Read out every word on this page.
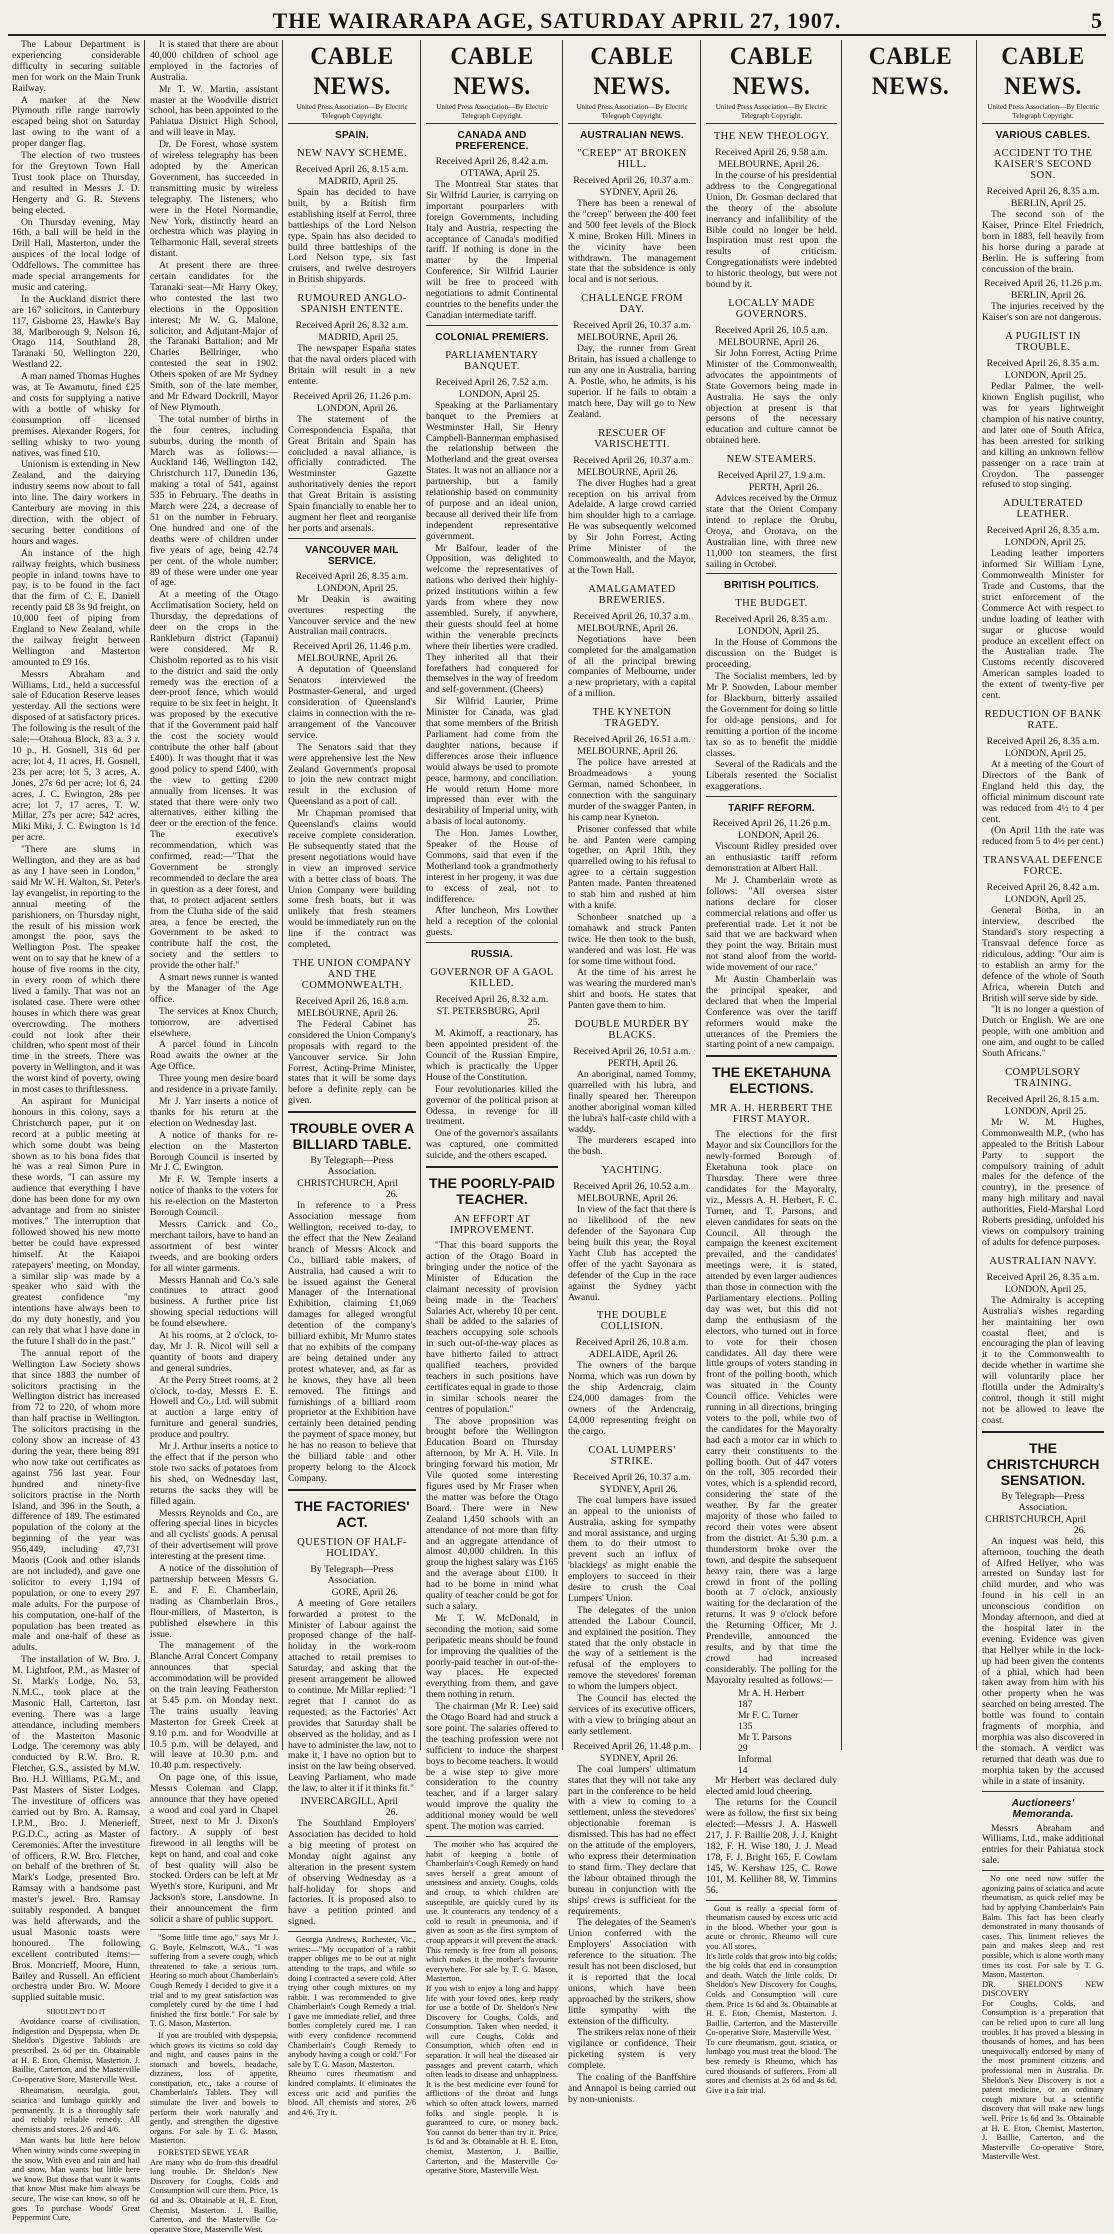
THE WAIRARAPA AGE, SATURDAY APRIL 27, 1907.	5

The Labour Department is experiencing considerable difficulty in securing suitable men for work on the Main Trunk Railway.

A marker at the New Plymouth rifle range narrowly escaped being shot on Saturday last owing to the want of a proper danger flag.

The election of two trustees for the Greytown Town Hall Trust took place on Thursday, and resulted in Messrs J. D. Hengerty and G. R. Stevens being elected.

On Thursday evening, May 16th, a ball will be held in the Drill Hall, Masterton, under the auspices of the local lodge of Oddfellows. The committee has made special arrangements for music and catering.

In the Auckland district there are 167 solicitors, in Canterbury 117, Gisborne 23, Hawke's Bay 38, Marlborough 9, Nelson 16, Otago 114, Southland 28, Taranaki 50, Wellington 220, Westland 22.

A man named Thomas Hughes was, at Te Awamutu, fined £25 and costs for supplying a native with a bottle of whisky for consumption off licensed premises. Alexander Rogers, for selling whisky to two young natives, was fined £10.

Unionism is extending in New Zealand, and the dairying industry seems now about to fall into line. The dairy workers in Canterbury are moving in this direction, with the object of securing better conditions of hours and wages.

An instance of the high railway freights, which business people in inland towns have to pay, is to be found in the fact that the firm of C. E. Daniell recently paid £8 3s 9d freight, on 10,000 feet of piping from England to New Zealand, while the railway freight between Wellington and Masterton amounted to £9 16s.

Messrs Abraham and Williams, Ltd., held a successful sale of Education Reserve leases yesterday. All the sections were disposed of at satisfactory prices. The following is the result of the sale:—Otahoua Block, 83 a. 3 r. 10 p., H. Gosnell, 31s 6d per acre; lot 4, 11 acres, H. Gosnell, 23s per acre; lot 5, 3 acres, A. Jones, 27s 6d per acre; lot 6, 24 acres, J. C. Ewington, 28s per acre; lot 7, 17 acres, T. W. Millar, 27s per acre; 542 acres, Miki Miki, J. C. Ewington 1s 1d per acre.

"There are slums in Wellington, and they are as bad as any I have seen in London," said Mr W. H. Walton, St. Peter's lay evangelist, in reporting to the annual meeting of the parishioners, on Thursday night, the result of his mission work amongst the poor, says the Wellington Post. The speaker went on to say that he knew of a house of five rooms in the city, in every room of which there lived a family. That was not an isolated case. There were other houses in which there was great overcrowding. The mothers could not look after their children, who spent most of their time in the streets. There was poverty in Wellington, and it was the worst kind of poverty, owing in most cases to thriftlessness.

An aspirant for Municipal honours in this colony, says a Christchurch paper, put it on record at a public meeting at which some doubt was being shown as to his bona fides that he was a real Simon Pure in these words, "I can assure my audience that everything I have done has been done for my own advantage and from no sinister motives." The interruption that followed showed his new motto better be could have expressed himself. At the Kaiapoi ratepayers' meeting, on Monday, a similar slip was made by a speaker who said with the greatest confidence "my intentions have always been to do my duty honestly, and you can rely that what I have done in the future I shall do in the past."

The annual report of the Wellington Law Society shows that since 1883 the number of solicitors practising in the Wellington district has increased from 72 to 220, of whom more than half practise in Wellington. The solicitors practising in the colony show an increase of 43 during the year, there being 891 who now take out certificates as against 756 last year. Four hundred and ninety-five solicitors practise in the North Island, and 396 in the South, a difference of 189. The estimated population of the colony at the beginning of the year was 956,449, including 47,731 Maoris (Cook and other islands are not included), and gave one solicitor to every 1,194 of population, or one to every 297 male adults. For the purpose of his computation, one-half of the population has been treated as male and one-half of these as adults.

The installation of W. Bro. J. M. Lightfoot, P.M., as Master of St. Mark's Lodge, No. 53, N.M.C., took place at the Masonic Hall, Carterton, last evening. There was a large attendance, including members of the Masterton Masonic Lodge. The ceremony was ably conducted by R.W. Bro. R. Fletcher, G.S., assisted by M.W. Bro. H.J. Williams, P.G.M., and Past Masters of Sister Lodges. The investiture of officers was carried out by Bro. A. Ramsay, I.P.M., Bro. J. Menerieff, P.G.D.C., acting as Master of Ceremonies. After the investiture of officers, R.W. Bro. Fletcher, on behalf of the brethren of St. Mark's Lodge, presented Bro. Ramsay with a handsome past master's jewel. Bro. Ramsay suitably responded. A banquet was held afterwards, and the usual Masonic toasts were honoured. The following excellent contributed items:—Bros. Moncrieff, Moore, Hunn, Bailey and Russell. An efficient orchestra under Bro. W. Moore supplied suitable music.

SHOULDN'T DO IT

Avoidance coarse of civilisation, Indigestion and Dyspepsia, when Dr. Sheldon's Digestive Tabloids are prescribed. 2s 6d per tin. Obtainable at H. E. Eton, Chemist, Masterton. J. Baillie, Carterton, and the Masterville Co-operative Store, Masterville West.

Rheumatism, neuralgia, gout, sciatica and lumbago quickly and permanently. It is a thoroughly safe and reliably reliable remedy. All chemists and stores. 2/6 and 4/6.

Man wants but little here below When wintry winds come sweeping in the snow, With even and rain and hail and snow, Man wants but little here we know. But those that want it wants that know Must make him always be secure, The wise can know, so off he goes To purchase Woods' Great Peppermint Cure.

It is stated that there are about 40,000 children of school age employed in the factories of Australia.

Mr T. W. Martin, assistant master at the Woodville district school, has been appointed to the Pahiatua District High School, and will leave in May.

Dr. De Forest, whose system of wireless telegraphy has been adopted by the American Government, has succeeded in transmitting music by wireless telegraphy. The listeners, who were in the Hotel Normandie, New York, distinctly heard an orchestra which was playing in Telharmonic Hall, several streets distant.

At present there are three certain candidates for the Taranaki seat—Mr Harry Okey, who contested the last two elections in the Opposition interest; Mr W. G. Malone, solicitor, and Adjutant-Major of the Taranaki Battalion; and Mr Charles Bellringer, who contested the seat in 1902. Others spoken of are Mr Sydney Smith, son of the late member, and Mr Edward Dockrill, Mayor of New Plymouth.

The total number of births in the four centres, including suburbs, during the month of March was as follows:—Auckland 146, Wellington 142, Christchurch 117, Dunedin 136, making a total of 541, against 535 in February. The deaths in March were 224, a decrease of 51 on the number in February. One hundred and one of the deaths were of children under five years of age, being 42.74 per cent. of the whole number; 89 of these were under one year of age.

At a meeting of the Otago Acclimatisation Society, held on Thursday, the depredations of deer on the crops in the Rankleburn district (Tapanui) were considered. Mr R. Chisholm reported as to his visit to the district and said the only remedy was the erection of a deer-proof fence, which would require to be six feet in height. It was proposed by the executive that if the Government paid half the cost the society would contribute the other half (about £400). It was thought that it was good policy to spend £400, with the view to getting £200 annually from licenses. It was stated that there were only two alternatives, either killing the deer or the erection of the fence. The executive's recommendation, which was confirmed, read:—"That the Government be strongly recommended to declare the area in question as a deer forest, and that, to protect adjacent settlers from the Clutha side of the said area, a fence be erected, the Government to be asked to contribute half the cost, the society and the settlers to provide the other half."

A smart news runner is wanted by the Manager of the Age office.

The services at Knox Church, tomorrow, are advertised elsewhere.

A parcel found in Lincoln Road awaits the owner at the Age Office.

Three young men desire board and residence in a private family.

Mr J. Yarr inserts a notice of thanks for his return at the election on Wednesday last.

A notice of thanks for re-election on the Masterton Borough Council is inserted by Mr J. C. Ewington.

Mr F. W. Temple inserts a notice of thanks to the voters for his re-election on the Masterton Borough Council.

Messrs Carrick and Co., merchant tailors, have to hand an assortment of best winter tweeds, and are booking orders for all winter garments.

Messrs Hannah and Co.'s sale continues to attract good business. A further price list showing special reductions will be found elsewhere.

At his rooms, at 2 o'clock, to-day, Mr J. R. Nicol will sell a quantity of boots and drapery and general sundries.

At the Perry Street rooms, at 2 o'clock, to-day, Messrs E. E. Howell and Co., Ltd. will submit at auction a large entry of furniture and general sundries, produce and poultry.

Mr J. Arthur inserts a notice to the effect that if the person who stole two sacks of potatoes from his shed, on Wednesday last, returns the sacks they will be filled again.

Messrs Reynolds and Co., are offering special lines in bicycles and all cyclists' goods. A perusal of their advertisement will prove interesting at the present time.

A notice of the dissolution of partnership between Messrs G. E. and F. E. Chamberlain, trading as Chamberlain Bros., flour-millers, of Masterton, is published elsewhere in this issue.

The management of the Blanche Arral Concert Company announces that special accommodation will be provided on the train leaving Featherston at 5.45 p.m. on Monday next. The trains usually leaving Masterton for Greek Creek at 9.10 p.m. and for Woodville at 10.5 p.m. will be delayed, and will leave at 10.30 p.m. and 10.40 p.m. respectively.

On page one, of this issue, Messrs Coleman and Clapp, announce that they have opened a wood and coal yard in Chapel Street, next to Mr J. Dixon's factory. A supply of best firewood in all lengths will be kept on hand, and coal and coke of best quality will also be stocked. Orders can be left at Mr Wyeth's store, Kuripuni, and Mr Jackson's store, Lansdowne. In their announcement the firm solicit a share of public support.

"Some little time ago," says Mr J. G. Boyle, Kelmscott, W.A., "I was suffering from a severe cough, which threatened to take a serious turn. Hearing so much about Chamberlain's Cough Remedy I decided to give it a trial and to my great satisfaction was completely cured by the time I had finished the first bottle." For sale by T. G. Mason, Masterton.

If you are troubled with dyspepsia, which grows its victims so cold day and night, and causes pains in the stomach and bowels, headache, dizziness, loss of appetite, constipation, etc., take a course of Chamberlain's Tablets. They will stimulate the liver and bowels to perform their work naturally and gently, and strengthen the digestive organs. For sale by T. G. Mason, Masterton.

FORESTED SEWE YEAR
Are many who do from this dreadful lung trouble. Dr. Sheldon's New Discovery for Coughs, Colds and Consumption will cure them. Price, 1s 6d and 3s. Obtainable at H. E. Eton, Chemist, Masterton. J. Baillie, Carterton, and the Masterville Co-operative Store, Masterville West.

CABLE NEWS.
United Press Association—By Electric Telegraph Copyright.
SPAIN.
NEW NAVY SCHEME.
Received April 26, 8.15 a.m.
MADRID, April 25.

Spain has decided to have built, by a British firm establishing itself at Ferrol, three battleships of the Lord Nelson type. Spain has also decided to build three battleships of the Lord Nelson type, six fast cruisers, and twelve destroyers in British shipyards.

RUMOURED ANGLO-SPANISH ENTENTE.
Received April 26, 8.32 a.m.
MADRID, April 25.

The newspaper España states that the naval orders placed with Britain will result in a new entente.

Received April 26, 11.26 p.m.
LONDON, April 26.

The statement of the Correspondencia España, that Great Britain and Spain has concluded a naval alliance, is officially contradicted. The Westminster Gazette authoritatively denies the report that Great Britain is assisting Spain financially to enable her to augment her fleet and reorganise her ports and arsenals.

VANCOUVER MAIL SERVICE.
Received April 26, 8.35 a.m.
LONDON, April 25.

Mr Deakin is awaiting overtures respecting the Vancouver service and the new Australian mail contracts.

Received April 26, 11.46 p.m.
MELBOURNE, April 26.

A deputation of Queensland Senators interviewed the Postmaster-General, and urged consideration of Queensland's claims in connection with the re-arrangement of the Vancouver service.

The Senators said that they were apprehensive lest the New Zealand Government's proposal to join the new contract might result in the exclusion of Queensland as a port of call.

Mr Chapman promised that Queensland's claims would receive complete consideration. He subsequently stated that the present negotiations would have in view an improved service with a better class of boats. The Union Company were building some fresh boats, but it was unlikely that fresh steamers would be immediately run on the line if the contract was completed.

THE UNION COMPANY AND THE COMMONWEALTH.
Received April 26, 16.8 a.m.
MELBOURNE, April 26.

The Federal Cabinet has considered the Union Company's proposals with regard to the Vancouver service. Sir John Forrest, Acting-Prime Minister, states that it will be some days before a definite reply can be given.

TROUBLE OVER A BILLIARD TABLE.
By Telegraph—Press Association.
CHRISTCHURCH, April 26.

In reference to a Press Association message from Wellington, received to-day, to the effect that the New Zealand branch of Messrs Alcock and Co., billiard table makers, of Australia, had caused a writ to be issued against the General Manager of the International Exhibition, claiming £1,069 damages for alleged wrongful detention of the company's billiard exhibit, Mr Munro states that no exhibits of the company are being detained under any protest whatever, and, as far as he knows, they have all been removed. The fittings and furnishings of a billiard room proprietor at the Exhibition have certainly been detained pending the payment of space money, but he has no reason to believe that the billiard table and other property belong to the Alcock Company.

THE FACTORIES' ACT.
QUESTION OF HALF-HOLIDAY.
By Telegraph—Press Association.
GORE, April 26.

A meeting of Gore retailers forwarded a protest to the Minister of Labour against the proposed change of the half-holiday in the work-room attached to retail premises to Saturday, and asking that the present arrangement be allowed to continue. Mr Millar replied: "I regret that I cannot do as requested, as the Factories' Act provides that Saturday shall be observed as the holiday, and as I have to administer the law, not to make it, I have no option but to insist on the law being observed. Leaving Parliament, who made the law, to alter it if it thinks fit."

INVERCARGILL, April 26.

The Southland Employers' Association has decided to hold a big meeting of protest on Monday night against any alteration in the present system of observing Wednesday as a half-holiday for shops and factories. It is proposed also to have a petition printed and signed.

Georgia Andrews, Rochester, Vic., writes:—"My occupation of a rabbit trapper obliges me to be out at night attending to the traps, and while so doing I contracted a severe cold. After trying other cough mixtures on my rabbit. I was recommended to give Chamberlain's Cough Remedy a trial. I gave me immediate relief, and three bottles completely cured me. I can with every confidence recommend Chamberlain's Cough Remedy to anybody having a cough or cold." For sale by T. G. Mason, Masterton.
Rheumo cures rheumatism and kindred complaints. It eliminates the excess uric acid and purifies the blood. All chemists and stores, 2/6 and 4/6. Try it.

CABLE NEWS.
United Press Association—By Electric Telegraph Copyright.
CANADA AND PREFERENCE.
Received April 26, 8.42 a.m.
OTTAWA, April 25.

The Montreal Star states that Sir Wilfrid Laurier, is carrying on important pourparlers with foreign Governments, including Italy and Austria, respecting the acceptance of Canada's modified tariff. If nothing is done in the matter by the Imperial Conference, Sir Wilfrid Laurier will be free to proceed with negotiations to admit Continental countries to the benefits under the Canadian intermediate tariff.

COLONIAL PREMIERS.
PARLIAMENTARY BANQUET.
Received April 26, 7.52 a.m.
LONDON, April 25.

Speaking at the Parliamentary banquet to the Premiers at Westminster Hall, Sir Henry Campbell-Bannerman emphasised the relationship between the Motherland and the great oversea States. It was not an alliance nor a partnership, but a family relationship based on community of purpose and an ideal union, because all derived their life from independent representative government.

Mr Balfour, leader of the Opposition, was delighted to welcome the representatives of nations who derived their highly-prized institutions within a few yards from where they now assembled. Surely, if anywhere, their guests should feel at home within the venerable precincts where their liberties were cradled. They inherited all that their forefathers had conquered for themselves in the way of freedom and self-government. (Cheers)

Sir Wilfrid Laurier, Prime Minister for Canada, was glad that some members of the British Parliament had come from the daughter nations, because if differences arose their influence would always be used to promote peace, harmony, and conciliation. He would return Home more impressed than ever with the desirability of Imperial unity, with a basis of local autonomy.

The Hon. James Lowther, Speaker of the House of Commons, said that even if the Motherland took a grandmotherly interest in her progeny, it was due to excess of zeal, not to indifference.

After luncheon, Mrs Lowther held a reception of the colonial guests.

RUSSIA.
GOVERNOR OF A GAOL KILLED.
Received April 26, 8.32 a.m.
ST. PETERSBURG, April 25.

M. Akimoff, a reactionary, has been appointed president of the Council of the Russian Empire, which is practically the Upper House of the Constitution.

Four revolutionaries killed the governor of the political prison at Odessa, in revenge for ill treatment.

One of the governor's assailants was captured, one committed suicide, and the others escaped.

THE POORLY-PAID TEACHER.
AN EFFORT AT IMPROVEMENT.

"That this board supports the action of the Otago Board in bringing under the notice of the Minister of Education the claimant necessity of provision being made in the Teachers' Salaries Act, whereby 10 per cent. shall be added to the salaries of teachers occupying sole schools in such out-of-the-way places as have hitherto failed to attract qualified teachers, provided teachers in such positions have certificates equal in grade to those in similar schools nearer the centres of population."

The above proposition was brought before the Wellington Education Board on Thursday afternoon, by Mr A. H. Vile. In bringing forward his motion, Mr Vile quoted some interesting figures used by Mr Fraser when the matter was before the Otago Board. There were in New Zealand 1,450 schools with an attendance of not more than fifty and an aggregate attendance of almost 40,000 children. In this group the highest salary was £165 and the average about £100. It had to be borne in mind what quality of teacher could be got for such a salary.

Mr T. W. McDonald, in seconding the motion, said some peripatetic means should be found for improving the qualities of the poorly-paid teacher in out-of-the-way places. He expected everything from them, and gave them nothing in return.

The chairman (Mr R. Lee) said the Otago Board had and struck a sore point. The salaries offered to the teaching profession were not sufficient to induce the sharpest boys to become teachers. It would be a wise step to give more consideration to the country teacher, and if a larger salary would improve the quality the additional money would be well spent. The motion was carried.

The mother who has acquired the habit of keeping a bottle of Chamberlain's Cough Remedy on hand saves herself a great amount of uneasiness and anxiety. Coughs, colds and croup, to which children are susceptible, are quickly cured by its use. It counteracts any tendency of a cold to result in pneumonia, and if given as soon as the first symptom of croup appears it will prevent the attack. This remedy is free from all poisons, which makes it the mother's favourite everywhere. For sale by T. G. Mason, Masterton.
If you wish to enjoy a long and happy life with your loved ones, keep ready for use a bottle of Dr. Sheldon's New Discovery for Coughs, Colds, and Consumption. Taken when needed, it will cure Coughs, Colds and Consumption, which often end in separation. It will heal the diseased air passages and prevent catarrh, which often leads to disease and unhappiness. It is the best medicine ever found for afflictions of the throat and lungs which so often attack lowers, married folks and single people. It is guaranteed to cure, or money back. You cannot do better than try it. Price, 1s 6d and 3s. Obtainable at H. E. Eton, chemist, Masterton, J. Baillie, Carterton, and the Masterville Co-operative Store, Masterville West.

CABLE NEWS.
United Press Association—By Electric Telegraph Copyright.
AUSTRALIAN NEWS.
"CREEP" AT BROKEN HILL.
Received April 26, 10.37 a.m.
SYDNEY, April 26.

There has been a renewal of the "creep" between the 400 feet and 500 feet levels of the Block X mine, Broken Hill. Miners in the vicinity have been withdrawn. The management state that the subsidence is only local and is not serious.

CHALLENGE FROM DAY.
Received April 26, 10.37 a.m.
MELBOURNE, April 26.

Day, the runner from Great Britain, has issued a challenge to run any one in Australia, barring A. Postle, who, he admits, is his superior. If he fails to obtain a match here, Day will go to New Zealand.

RESCUER OF VARISCHETTI.
Received April 26, 10.37 a.m.
MELBOURNE, April 26.

The diver Hughes had a great reception on his arrival from Adelaide. A large crowd carried him shoulder high to a carriage. He was subsequently welcomed by Sir John Forrest, Acting Prime Minister of the Commonwealth, and the Mayor, at the Town Hall.

AMALGAMATED BREWERIES.
Received April 26, 10.37 a.m.
MELBOURNE, April 26.

Negotiations have been completed for the amalgamation of all the principal brewing companies of Melbourne, under a new proprietary, with a capital of a million.

THE KYNETON TRAGEDY.
Received April 26, 16.51 a.m.
MELBOURNE, April 26.

The police have arrested at Broadmeadows a young German, named Schonbeer, in connection with the sanguinary murder of the swagger Panten, in his camp near Kyneton.

Prisoner confessed that while he and Panten were camping together, on April 18th, they quarrelled owing to his refusal to agree to a certain suggestion Panten made. Panten threatened to stab him and rushed at him with a knife.

Schonbeer snatched up a tomahawk and struck Panten twice. He then took to the bush, wandered and was lost. He was for some time without food.

At the time of his arrest he was wearing the murdered man's shirt and boots. He states that Panten gave them to him.

DOUBLE MURDER BY BLACKS.
Received April 26, 10.51 a.m.
PERTH, April 26.

An aboriginal, named Tommy, quarrelled with his lubra, and finally speared her. Thereupon another aboriginal woman killed the lubra's half-caste child with a waddy.

The murderers escaped into the bush.

YACHTING.
Received April 26, 10.52 a.m.
MELBOURNE, April 26.

In view of the fact that there is no likelihood of the new defender of the Sayonara Cup being built this year, the Royal Yacht Club has accepted the offer of the yacht Sayonara as defender of the Cup in the race against the Sydney yacht Awanui.

THE DOUBLE COLLISION.
Received April 26, 10.8 a.m.
ADELAIDE, April 26.

The owners of the barque Norma, which was run down by the ship Ardencraig, claim £24,000 damages from the owners of the Ardencraig, £4,000 representing freight on the cargo.

COAL LUMPERS' STRIKE.
Received April 26, 10.37 a.m.
SYDNEY, April 26.

The coal lumpers have issued an appeal to the unionists of Australia, asking for sympathy and moral assistance, and urging them to do their utmost to prevent such an influx of 'blacklegs' as might enable the employers to succeed in their desire to crush the Coal Lumpers' Union.

The delegates of the union attended the Labour Council, and explained the position. They stated that the only obstacle in the way of a settlement is the refusal of the employers to remove the stevedores' foreman to whom the lumpers object.

The Council has elected the services of its executive officers, with a view to bringing about an early settlement.

Received April 26, 11.48 p.m.
SYDNEY, April 26.

The coal lumpers' ultimatum states that they will not take any part in the conference to be held with a view to coming to a settlement, unless the stevedores' objectionable foreman is dismissed. This has had no effect on the attitude of the employers, who express their determination to stand firm. They declare that the labour obtained through the bureau in conjunction with the ships' crews is sufficient for the requirements.

The delegates of the Seamen's Union conferred with the Employers' Association with reference to the situation. The result has not been disclosed, but it is reported that the local unions, which have been approached by the strikers, show little sympathy with the extension of the difficulty.

The strikers relax none of their vigilance or confidence. Their picketing system is very complete.

The coaling of the Banffshire and Annapol is being carried out by non-unionists.

CABLE NEWS.
United Press Association—By Electric Telegraph Copyright.
THE NEW THEOLOGY.
Received April 26, 9.58 a.m.
MELBOURNE, April 26.

In the course of his presidential address to the Congregational Union, Dr. Gosman declared that the theory of the absolute inerrancy and infallibility of the Bible could no longer be held. Inspiration must rest upon the results of criticism. Congregationalists were indebted to historic theology, but were not bound by it.

LOCALLY MADE GOVERNORS.
Received April 26, 10.5 a.m.
MELBOURNE, April 26.

Sir John Forrest, Acting Prime Minister of the Commonwealth, advocates the appointments of State Governors being made in Australia. He says the only objection at present is that persons of the necessary education and culture cannot be obtained here.

NEW STEAMERS.
Received April 27, 1.9 a.m.
PERTH, April 26.

Advices received by the Ormuz state that the Orient Company intend to replace the Orubu, Oroya, and Orotava, on the Australian line, with three new 11,000 ton steamers, the first sailing in October.

BRITISH POLITICS.
THE BUDGET.
Received April 26, 8.35 a.m.
LONDON, April 25.

In the House of Commons the discussion on the Budget is proceeding.

The Socialist members, led by Mr P. Snowden, Labour member for Blackburn, bitterly assailed the Government for doing so little for old-age pensions, and for remitting a portion of the income tax so as to benefit the middle classes.

Several of the Radicals and the Liberals resented the Socialist exaggerations.

TARIFF REFORM.
Received April 26, 11.26 p.m.
LONDON, April 26.

Viscount Ridley presided over an enthusiastic tariff reform demonstration at Albert Hall.

Mr J. Chamberlain wrote as follows: "All oversea sister nations declare for closer commercial relations and offer us preferential trade. Let it not be said that we are backward when they point the way. Britain must not stand aloof from the world-wide movement of our race."

Mr Austin Chamberlain was the principal speaker, and declared that when the Imperial Conference was over the tariff reformers would make the utterances of the Premiers the starting point of a new campaign.

THE EKETAHUNA ELECTIONS.
MR A. H. HERBERT THE FIRST MAYOR.

The elections for the first Mayor and six Councillors for the newly-formed Borough of Eketahuna took place on Thursday. There were three candidates for the Mayoralty, viz., Messrs A. H. Herbert, F. C. Turner, and T. Parsons, and eleven candidates for seats on the Council. All through the campaign the keenest excitement prevailed, and the candidates' meetings were, it is stated, attended by even larger audiences than those in connection with the Parliamentary elections. Polling day was wet, but this did not damp the enthusiasm of the electors, who turned out in force to vote for their chosen candidates. All day there were little groups of voters standing in front of the polling booth, which was situated in the County Council office. Vehicles were running in all directions, bringing voters to the poll, while two of the candidates for the Mayoralty had each a motor car in which to carry their constituents to the polling booth. Out of 447 voters on the roll, 305 recorded their votes, which is a splendid record, considering the state of the weather. By far the greater majority of those who failed to record their votes were absent from the district. At 5.30 p.m. a thunderstorm broke over the town, and despite the subsequent heavy rain, there was a large crowd in front of the polling booth at 7 o'clock, anxiously waiting for the declaration of the returns. It was 9 o'clock before the Returning Officer, Mr J. Prendeville, announced the results, and by that time the crowd had increased considerably. The polling for the Mayoralty resulted as follows:—

Mr A. H. Herbert187
Mr F. C. Turner135
Mr T. Parsons29
Informal14

Mr Herbert was declared duly elected amid loud cheering.

The returns for the Council were as follow, the first six being elected:—Messrs J. A. Haswell 217, J. F. Baillie 208, J. J. Knight 182, F. H. Wise 180, J. J. Mead 178, F. J. Bright 165, F. Cowlam 145, W. Kershaw 125, C. Rowe 101, M. Kelliher 88, W. Timmins 56.

Gout is really a special form of rheumatism caused by excess uric acid in the blood. Whether your gout is acute or chronic, Rheumo will cure you. All stores.
It's little colds that grow into big colds; the big colds that end in consumption and death. Watch the little colds. Dr Sheldon's New Discovery for Coughs, Colds and Consumption will cure them. Price 1s 6d and 3s. Obtainable at H. E. Eton, Chemist, Masterton. J. Baillie, Carterton, and the Masterville Co-operative Store, Masterville West.
To cure rheumatism, gout, sciatica, or lumbago you must treat the blood. The best remedy is Rheumo, which has cured thousands of sufferers. From all stores and chemists at 2s 6d and 4s 6d. Give it a fair trial.

CABLE NEWS.
CABLE NEWS.
United Press Association—By Electric Telegraph Copyright.
VARIOUS CABLES.
ACCIDENT TO THE KAISER'S SECOND SON.
Received April 26, 8.35 a.m.
BERLIN, April 25.

The second son of the Kaiser, Prince Eitel Friedrich, born in 1883, fell heavily from his horse during a parade at Berlin. He is suffering from concussion of the brain.

Received April 26, 11.26 p.m.
BERLIN, April 26.

The injuries received by the Kaiser's son are not dangerous.

A PUGILIST IN TROUBLE.
Received April 26, 8.35 a.m.
LONDON, April 25.

Pedlar Palmer, the well-known English pugilist, who was for years lightweight champion of his native country, and later one of South Africa, has been arrested for striking and killing an unknown fellow passenger on a race train at Croydon. The passenger refused to stop singing.

ADULTERATED LEATHER.
Received April 26, 8.35 a.m.
LONDON, April 25.

Leading leather importers informed Sir William Lyne, Commonwealth Minister for Trade and Customs, that the strict enforcement of the Commerce Act with respect to undue loading of leather with sugar or glucose would produce an excellent effect on the Australian trade. The Customs recently discovered American samples loaded to the extent of twenty-five per cent.

REDUCTION OF BANK RATE.
Received April 26, 8.35 a.m.
LONDON, April 25.

At a meeting of the Court of Directors of the Bank of England held this day, the official minimum discount rate was reduced from 4½ to 4 per cent.

(On April 11th the rate was reduced from 5 to 4½ per cent.)

TRANSVAAL DEFENCE FORCE.
Received April 26, 8.42 a.m.
LONDON, April 25.

General Botha, in an interview, described the Standard's story respecting a Transvaal defence force as ridiculous, adding: "Our aim is to establish an army for the defence of the whole of South Africa, wherein Dutch and British will serve side by side.

"It is no longer a question of Dutch or English. We are one people, with one ambition and one aim, and ought to be called South Africans."

COMPULSORY TRAINING.
Received April 26, 8.15 a.m.
LONDON, April 25.

Mr W. M. Hughes, Commonwealth M.P., (who has appealed to the British Labour Party to support the compulsory training of adult males for the defence of the country), in the presence of many high military and naval authorities, Field-Marshal Lord Roberts presiding, unfolded his views on compulsory training of adults for defence purposes.

AUSTRALIAN NAVY.
Received April 26, 8.35 a.m.
LONDON, April 25.

The Admiralty is accepting Australia's wishes regarding her maintaining her own coastal fleet, and is encouraging the plan of leaving it to the Commonwealth to decide whether in wartime she will voluntarily place her flotilla under the Admiralty's control, though it still might not be allowed to leave the coast.

THE CHRISTCHURCH SENSATION.
By Telegraph—Press Association.
CHRISTCHURCH, April 26.

An inquest was held, this afternoon, touching the death of Alfred Hellyer, who was arrested on Sunday last for child murder, and who was found in his cell in an unconscious condition on Monday afternoon, and died at the hospital later in the evening. Evidence was given that Hellyer while in the lock-up had been given the contents of a phial, which had been taken away from him with his other property when he was searched on being arrested. The bottle was found to contain fragments of morphia, and morphia was also discovered in the stomach. A verdict was returned that death was due to morphia taken by the accused while in a state of insanity.

Auctioneers' Memoranda.

Messrs Abraham and Williams, Ltd., make additional entries for their Pahiatua stock sale.

No one need now suffer the agonizing pains of sciatica and acute rheumatism, as quick relief may be had by applying Chamberlain's Pain Balm. This fact has been clearly demonstrated in many thousands of cases. This liniment relieves the pain and makes sleep and rest possible, which is alone worth many times its cost. For sale by T. G. Mason, Masterton.
DR. SHELDON'S NEW DISCOVERY
For Coughs, Colds, and Consumption is a preparation that can be relied upon to cure all lung troubles. It has proved a blessing in thousands of homes, and has been unequivocally endorsed by many of the most prominent citizens and professional men in Australia. Dr. Sheldon's New Discovery is not a patent medicine, or an ordinary cough mixture but a scientific discovery that will make new lungs well. Price 1s 6d and 3s. Obtainable at H. E. Eton, Chemist, Masterton, J. Baillie, Carterton, and the Masterville Co-operative Store, Masterville West.
